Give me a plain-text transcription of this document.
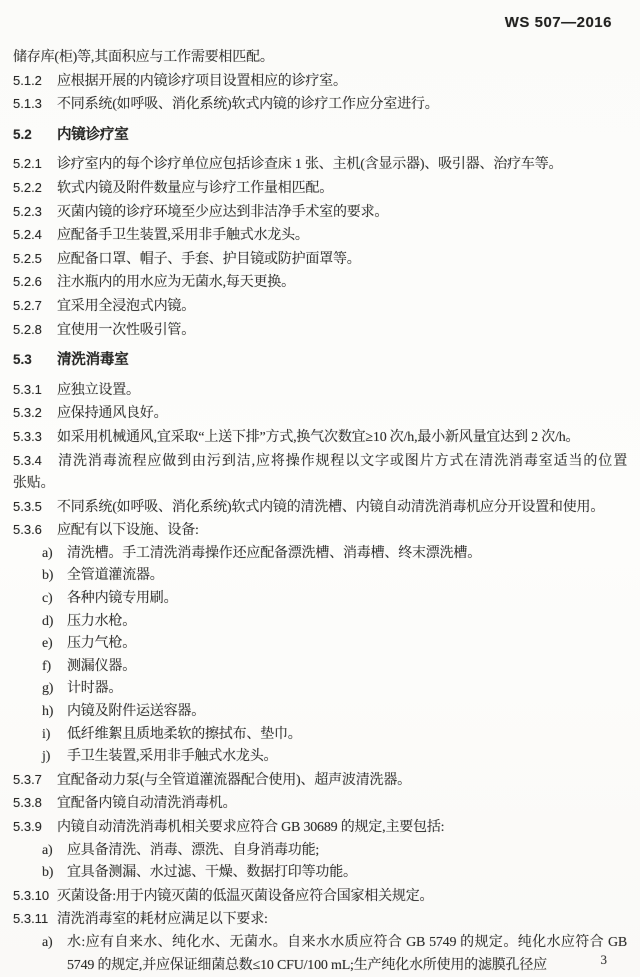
WS 507—2016

储存库(柜)等,其面积应与工作需要相匹配。

5.1.2 应根据开展的内镜诊疗项目设置相应的诊疗室。

5.1.3 不同系统(如呼吸、消化系统)软式内镜的诊疗工作应分室进行。

5.2 内镜诊疗室

5.2.1 诊疗室内的每个诊疗单位应包括诊查床 1 张、主机(含显示器)、吸引器、治疗车等。

5.2.2 软式内镜及附件数量应与诊疗工作量相匹配。

5.2.3 灭菌内镜的诊疗环境至少应达到非洁净手术室的要求。

5.2.4 应配备手卫生装置,采用非手触式水龙头。

5.2.5 应配备口罩、帽子、手套、护目镜或防护面罩等。

5.2.6 注水瓶内的用水应为无菌水,每天更换。

5.2.7 宜采用全浸泡式内镜。

5.2.8 宜使用一次性吸引管。

5.3 清洗消毒室

5.3.1 应独立设置。

5.3.2 应保持通风良好。

5.3.3 如采用机械通风,宜采取“上送下排”方式,换气次数宜≥10 次/h,最小新风量宜达到 2 次/h。

5.3.4 清洗消毒流程应做到由污到洁,应将操作规程以文字或图片方式在清洗消毒室适当的位置

张贴。

5.3.5 不同系统(如呼吸、消化系统)软式内镜的清洗槽、内镜自动清洗消毒机应分开设置和使用。

5.3.6 应配有以下设施、设备:

a) 清洗槽。手工清洗消毒操作还应配备漂洗槽、消毒槽、终末漂洗槽。

b) 全管道灌流器。

c) 各种内镜专用刷。

d) 压力水枪。

e) 压力气枪。

f) 测漏仪器。

g) 计时器。

h) 内镜及附件运送容器。

i) 低纤维絮且质地柔软的擦拭布、垫巾。

j) 手卫生装置,采用非手触式水龙头。

5.3.7 宜配备动力泵(与全管道灌流器配合使用)、超声波清洗器。

5.3.8 宜配备内镜自动清洗消毒机。

5.3.9 内镜自动清洗消毒机相关要求应符合 GB 30689 的规定,主要包括:

a) 应具备清洗、消毒、漂洗、自身消毒功能;

b) 宜具备测漏、水过滤、干燥、数据打印等功能。

5.3.10 灭菌设备:用于内镜灭菌的低温灭菌设备应符合国家相关规定。

5.3.11 清洗消毒室的耗材应满足以下要求:

a) 水:应有自来水、纯化水、无菌水。自来水水质应符合 GB 5749 的规定。纯化水应符合 GB 5749 的规定,并应保证细菌总数≤10 CFU/100 mL;生产纯化水所使用的滤膜孔径应	3
